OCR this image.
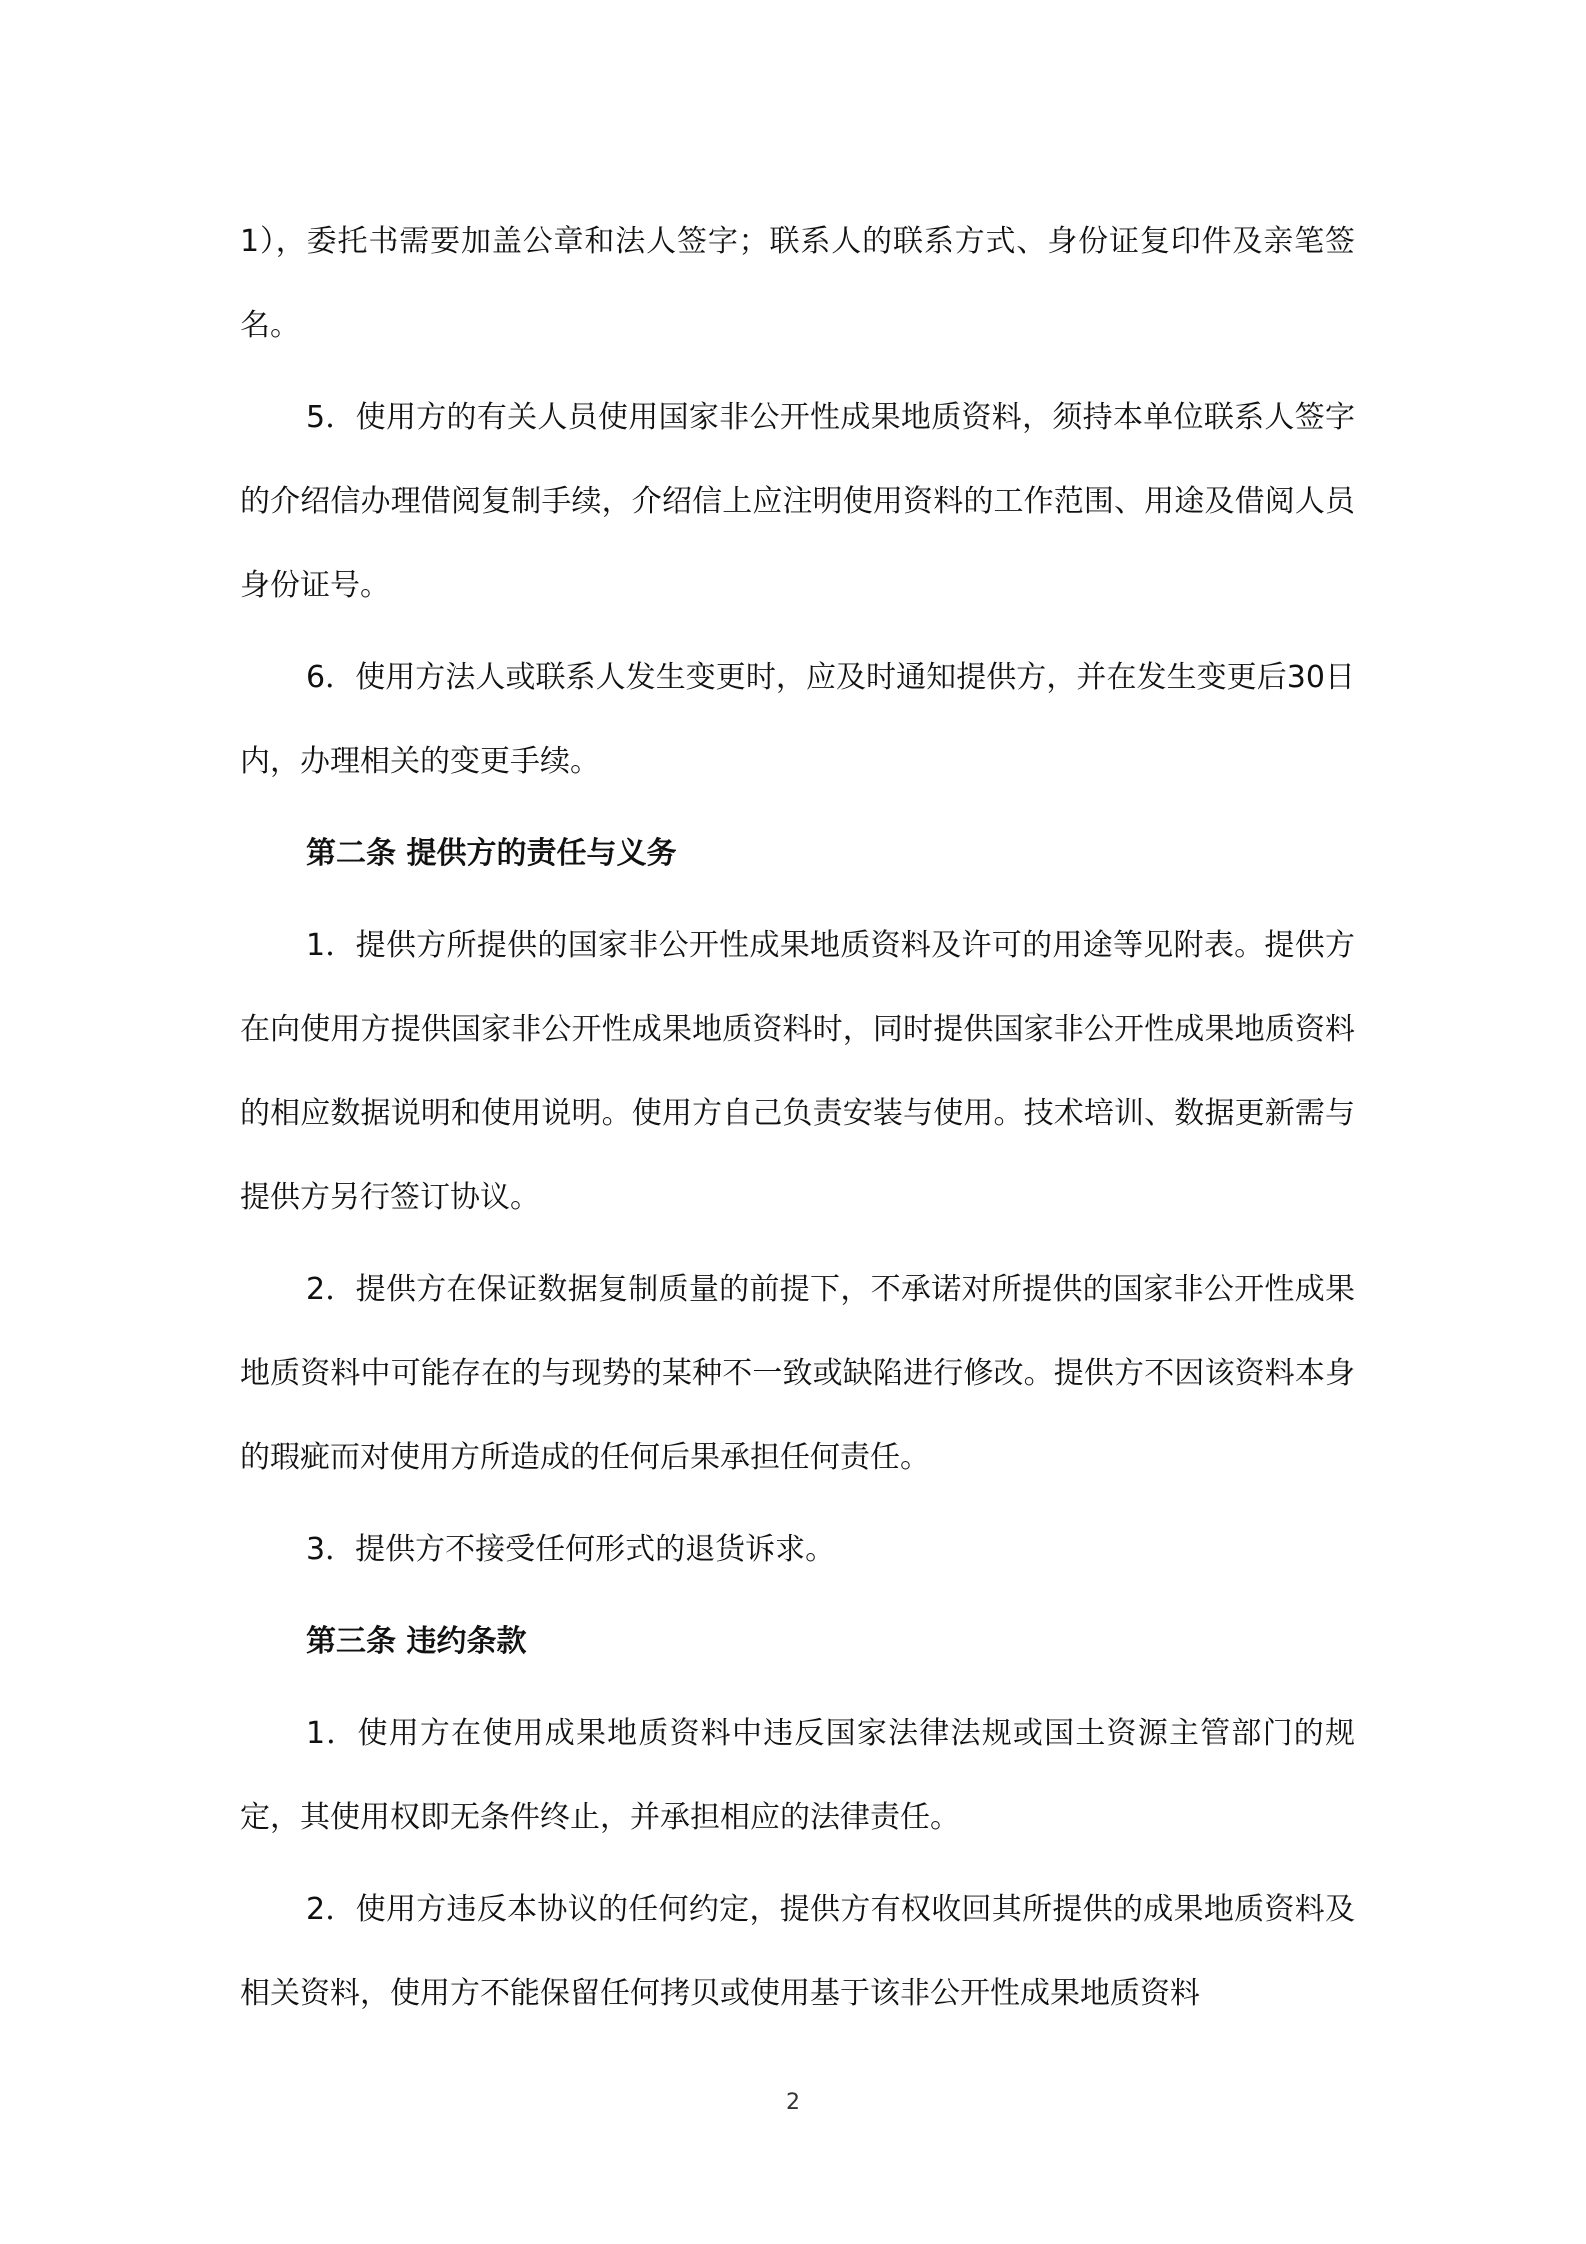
1），委托书需要加盖公章和法人签字；联系人的联系方式、身份证复印件及亲笔签名。

5．使用方的有关人员使用国家非公开性成果地质资料，须持本单位联系人签字的介绍信办理借阅复制手续，介绍信上应注明使用资料的工作范围、用途及借阅人员身份证号。

6．使用方法人或联系人发生变更时，应及时通知提供方，并在发生变更后30日内，办理相关的变更手续。

第二条 提供方的责任与义务

1．提供方所提供的国家非公开性成果地质资料及许可的用途等见附表。提供方在向使用方提供国家非公开性成果地质资料时，同时提供国家非公开性成果地质资料的相应数据说明和使用说明。使用方自己负责安装与使用。技术培训、数据更新需与提供方另行签订协议。

2．提供方在保证数据复制质量的前提下，不承诺对所提供的国家非公开性成果地质资料中可能存在的与现势的某种不一致或缺陷进行修改。提供方不因该资料本身的瑕疵而对使用方所造成的任何后果承担任何责任。

3．提供方不接受任何形式的退货诉求。

第三条 违约条款

1．使用方在使用成果地质资料中违反国家法律法规或国土资源主管部门的规定，其使用权即无条件终止，并承担相应的法律责任。

2．使用方违反本协议的任何约定，提供方有权收回其所提供的成果地质资料及相关资料，使用方不能保留任何拷贝或使用基于该非公开性成果地质资料

2
